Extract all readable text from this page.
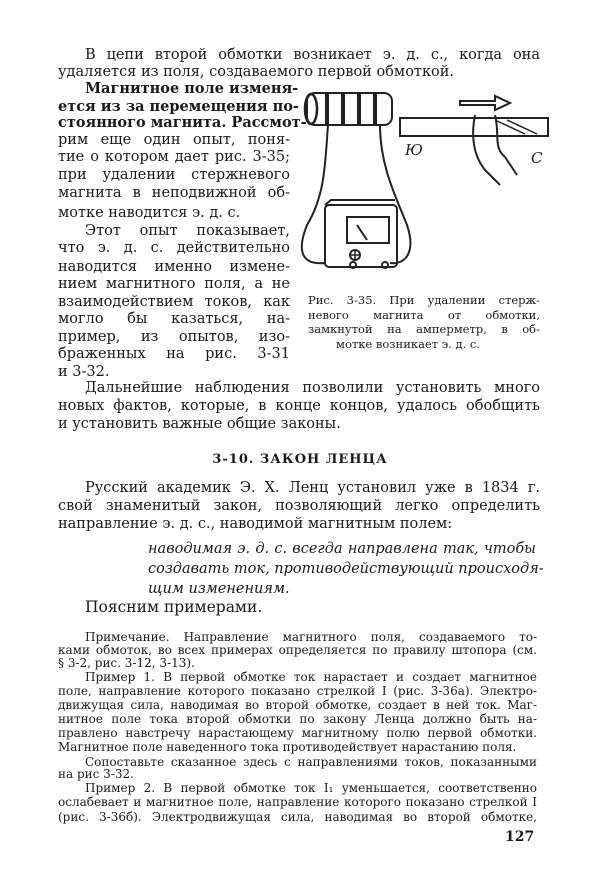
В цепи второй обмотки возникает э. д. с., когда она
удаляется из поля, создаваемого первой обмоткой.
Магнитное поле изменя-
ется из за перемещения по-
стоянного магнита. Рассмот-
рим еще один опыт, поня-
тие о котором дает рис. 3-35;
при удалении стержневого
магнита в неподвижной об-
мотке наводится э. д. с.
Этот опыт показывает,
что э. д. с. действительно
наводится именно измене-
нием магнитного поля, а не
взаимодействием токов, как
могло бы казаться, на-
пример, из опытов, изо-
браженных на рис. 3-31
и 3-32.
Ю	С
Рис. 3-35. При удалении стерж-
невого магнита от обмотки,
замкнутой на амперметр, в об-
мотке возникает э. д. с.
Дальнейшие наблюдения позволили установить много
новых фактов, которые, в конце концов, удалось обобщить
и установить важные общие законы.
3-10. ЗАКОН ЛЕНЦА
Русский академик Э. Х. Ленц установил уже в 1834 г.
свой знаменитый закон, позволяющий легко определить
направление э. д. с., наводимой магнитным полем:
наводимая э. д. с. всегда направлена так, чтобы
создавать ток, противодействующий происходя-
щим изменениям.
Поясним примерами.
Примечание. Направление магнитного поля, создаваемого то-
ками обмоток, во всех примерах определяется по правилу штопора (см.
§ 3-2, рис. 3-12, 3-13).
Пример 1. В первой обмотке ток нарастает и создает магнитное
поле, направление которого показано стрелкой I (рис. 3-36а). Электро-
движущая сила, наводимая во второй обмотке, создает в ней ток. Маг-
нитное поле тока второй обмотки по закону Ленца должно быть на-
правлено навстречу нарастающему магнитному полю первой обмотки.
Магнитное поле наведенного тока противодействует нарастанию поля.
Сопоставьте сказанное здесь с направлениями токов, показанными
на рис 3-32.
Пример 2. В первой обмотке ток I₁ уменьшается, соответственно
ослабевает и магнитное поле, направление которого показано стрелкой I
(рис. 3-36б). Электродвижущая сила, наводимая во второй обмотке,
127
